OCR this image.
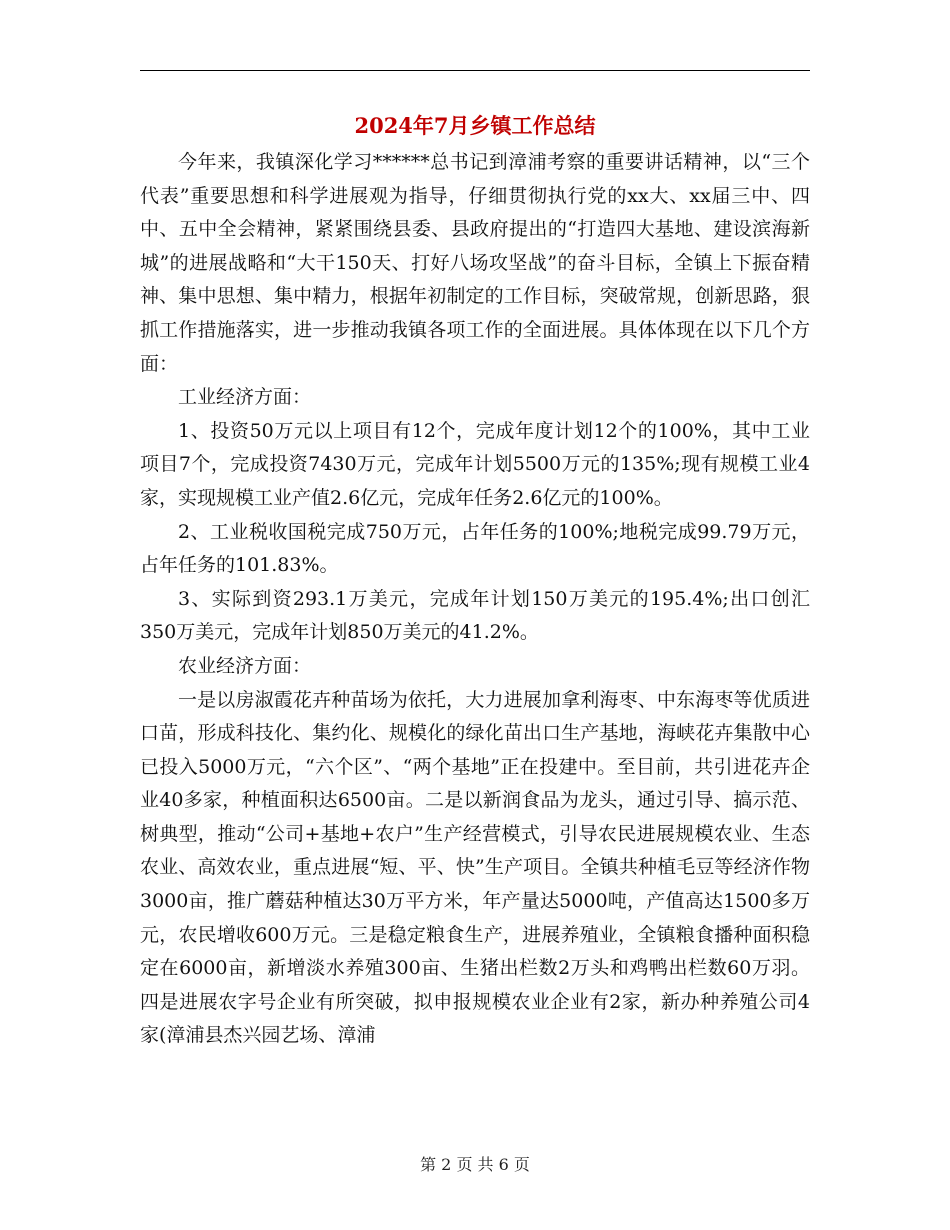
2024年7月乡镇工作总结

今年来，我镇深化学习******总书记到漳浦考察的重要讲话精神，以“三个代表”重要思想和科学进展观为指导，仔细贯彻执行党的xx大、xx届三中、四中、五中全会精神，紧紧围绕县委、县政府提出的“打造四大基地、建设滨海新城”的进展战略和“大干150天、打好八场攻坚战”的奋斗目标，全镇上下振奋精神、集中思想、集中精力，根据年初制定的工作目标，突破常规，创新思路，狠抓工作措施落实，进一步推动我镇各项工作的全面进展。具体体现在以下几个方面：

工业经济方面：

1、投资50万元以上项目有12个，完成年度计划12个的100%，其中工业项目7个，完成投资7430万元，完成年计划5500万元的135%;现有规模工业4家，实现规模工业产值2.6亿元，完成年任务2.6亿元的100%。

2、工业税收国税完成750万元，占年任务的100%;地税完成99.79万元，占年任务的101.83%。

3、实际到资293.1万美元，完成年计划150万美元的195.4%;出口创汇350万美元，完成年计划850万美元的41.2%。

农业经济方面：

一是以房淑霞花卉种苗场为依托，大力进展加拿利海枣、中东海枣等优质进口苗，形成科技化、集约化、规模化的绿化苗出口生产基地，海峡花卉集散中心已投入5000万元，“六个区”、“两个基地”正在投建中。至目前，共引进花卉企业40多家，种植面积达6500亩。二是以新润食品为龙头，通过引导、搞示范、树典型，推动“公司+基地+农户”生产经营模式，引导农民进展规模农业、生态农业、高效农业，重点进展“短、平、快”生产项目。全镇共种植毛豆等经济作物3000亩，推广蘑菇种植达30万平方米，年产量达5000吨，产值高达1500多万元，农民增收600万元。三是稳定粮食生产，进展养殖业，全镇粮食播种面积稳定在6000亩，新增淡水养殖300亩、生猪出栏数2万头和鸡鸭出栏数60万羽。四是进展农字号企业有所突破，拟申报规模农业企业有2家，新办种养殖公司4家(漳浦县杰兴园艺场、漳浦

第 2 页 共 6 页
